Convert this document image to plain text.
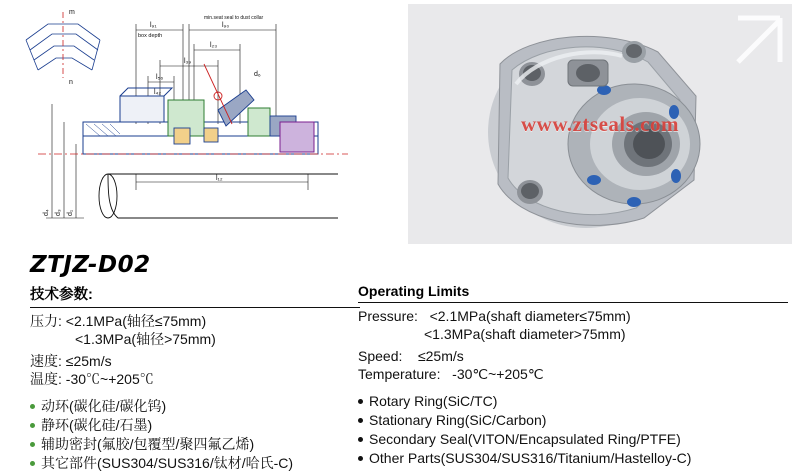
m
n
l₉₁
box depth
l₉₀
min.seat seal to dust collar
l₂₃
l₃₉
l₅₆
l₄₂
d₆
l₁₂
d₄ d₃ d₁
www.ztseals.com
ZTJZ-D02
技术参数:
压力: <2.1MPa(轴径≤75mm)
<1.3MPa(轴径>75mm)
速度: ≤25m/s
温度: -30℃~+205℃
动环(碳化硅/碳化钨)
静环(碳化硅/石墨)
辅助密封(氟胶/包覆型/聚四氟乙烯)
其它部件(SUS304/SUS316/钛材/哈氏-C)
Operating Limits
Pressure: <2.1MPa(shaft diameter≤75mm)
<1.3MPa(shaft diameter>75mm)
Speed: ≤25m/s
Temperature: -30℃~+205℃
Rotary Ring(SiC/TC)
Stationary Ring(SiC/Carbon)
Secondary Seal(VITON/Encapsulated Ring/PTFE)
Other Parts(SUS304/SUS316/Titanium/Hastelloy-C)
